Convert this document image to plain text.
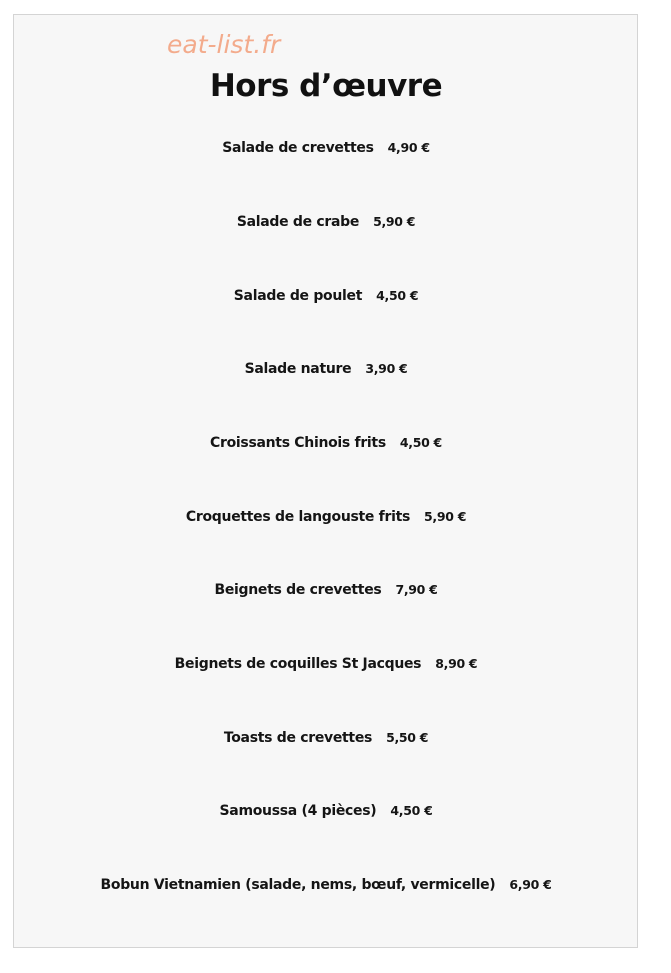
eat-list.fr
Hors d’œuvre
Salade de crevettes 4,90 €
Salade de crabe 5,90 €
Salade de poulet 4,50 €
Salade nature 3,90 €
Croissants Chinois frits 4,50 €
Croquettes de langouste frits 5,90 €
Beignets de crevettes 7,90 €
Beignets de coquilles St Jacques 8,90 €
Toasts de crevettes 5,50 €
Samoussa (4 pièces) 4,50 €
Bobun Vietnamien (salade, nems, bœuf, vermicelle) 6,90 €
